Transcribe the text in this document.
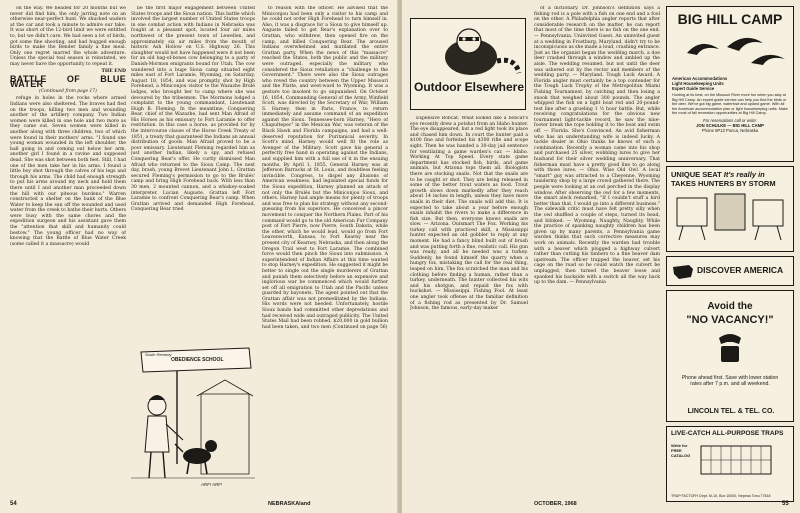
on the way. We headed for 20 months but we never did find him, the only jarring note on an otherwise near-perfect hunt. We shucked waders at the car and took a minute to admire our take. It was short of the 12-bird limit we were entitled to, but we didn't care. We had seen a lot of birds, got some fine shooting, and had hugged enough birds to make the Bender family a fine meal. Only one regret marred the whole adventure. Unless the special teal season is reinstated, we may never have the opportunity to repeat it.

THE END
BATTLE OF BLUE WATER
(Continued from page 17)

refuge in holes in the rocks where armed Indians were also sheltered. The braves had fled on the troops, killing two men and wounding another of the artillery company. Two Indian women were killed in one hole and two more as they came out. Seven women were killed in another along with three children, two of which were found in their mothers' arms. "I found one young woman wounded in the left shoulder, the ball going in and coming out below her arm, another girl I found in a ravine and supposed dead. She was shot between both feet. Still, I had one of the men take her in his arms. I found a little boy shot through the calves of his legs and through his arms. The child had enough strength to put his arms around my neck and hold them there until I and another man proceeded down the hill with our piteous burdens." Warren constructed a shelter on the bank of the Blue Water to keep the sun off the wounded and used water from the creek to bathe their hurts. Others were busy with the same chores and the expedition surgeon and his assistant gave them the "attention that skill and humanity could bestow." The young officer had no way of knowing that the Battle of Blue Water Creek (some called it a massacre) would

be the first major engagement between United States troops and the Sioux nation. This battle which involved the largest number of United States troops in one combat action with Indians in Nebraska was fought at a pleasant spot, located four air miles northwest of the present town of Lewellen, and approximately six air miles from the mouth of historic Ash Hollow on U.S. Highway 26. This slaughter would not have happened were it not been for an old bag-of-bones cow belonging to a party of Danish-Mormon emigrants bound for Utah. The cow wandered into a huge Sioux camp situated eight miles east of Fort Laramie, Wyoming, on Saturday, August 18, 1854, and was promptly shot by High Forehead, a Miniconjou visitor to the Wazazhe Brulé lodges, who brought her to camp where she was devoured by the tribesmen. The Mormons lodged a complaint to the young commandant, Lieutenant Hugh B. Fleming. In the meantime, Conquering Bear, chief of the Wazazhe, had sent Man Afraid of His Horses as his emissary to Fort Laramie to offer restitution. In this case a horse, as provided for by the intercourse clause of the Horse Creek Treaty of 1851, a treaty that guaranteed the Indians an annual distribution of goods. Man Afraid proved to be a poor emissary. Lieutenant Fleming regarded him as just another Indian, likely a spy, and refused Conquering Bear's offer. He curtly dismissed Man Afraid who returned to the Sioux Camp. The next day, brash, young Brevet Lieutenant John L. Grattan secured Fleming's permission to go to the Brulés' camp and bring High Forehead back. With less than 30 men, 2 mounted cannon, and a whiskey-soaked interpreter, Lucian Auguste, Grattan left Fort Laramie to confront Conquering Bear's camp. When Grattan arrived and demanded High Forehead, Conquering Bear tried

to reason with the officer. He advised that the Miniconjou had been only a visitor to his camp and he could not order High Forehead to turn himself in. Also, it was a disgrace for a Sioux to give himself up. Auguste failed to get Bear's explanation over to Grattan, who withdrew, then opened fire on the camp, and killed Conquering Bear. The aroused Indians overwhelmed and mutilated the entire Grattan party. When the news of this "massacre" reached the States, both the public and the military were outraged, especially the military who considered the Sioux retaliation a "challenge to the Government." There were also the Sioux outrages who roved the country between the Upper Missouri and the Platte, and west-ward to Wyoming. It was a gesture too insolent to go unpunished. On October 16, 1854, Commanding General of the Army, Winfield Scott, was directed by the Secretary of War, William S. Harney, then in Paris, France, to return immediately and assume command of an expedition against the Sioux. Tennessee-born Harney, "Hero of Chapultepec" in the Mexican War, was veteran of the Black Hawk and Florida campaigns, and had a well-deserved reputation for Puritanical severity. In Scott's mind, Harney would well fit the role as Avenger of the Military. Scott gave his general a perfectly free hand in operating against the Indians, and supplied him with a full use of it in the ensuing months. By April 1, 1855, General Harney was at Jefferson Barracks at St. Louis, and doubtless feeling invincible. Congress, to dispel any illusions of American weakness, had legislated special funds for the Sioux expedition, Harney planned an attack of not only the Brulés but the Miniconjou Sioux, and others. Harney had ample means for plenty of troops and was free to plan his strategy without any second-guessing from his superiors. He conceived a pincer movement to conquer the Northern Plains. Part of his command would go to the old American Fur Company post of Fort Pierre, now Pierre, South Dakota, while the other, which he would lead, would go from Fort Leavenworth, Kansas, to Fort Kearny near the present city of Kearney, Nebraska, and then along the Oregon Trail west to Fort Laramie. The combined force would then pinch the Sioux into submission. A superintendent of Indian Affairs at this time wanted to stop Harney's expedition. He suggested it might be better to single out the single murderers of Grattan and punish them selectively before an expensive and inglorious war be commenced which would further set off all emigration to Utah and the Pacific unless guarded by bayonets. The agent pointed out that the Grattan affair was not premeditated by the Indians. His words were not heeded. Unfortunately, hostile Sioux bands had committed other depredations and had received wide and outraged publicity. The United States Mail had been robbed, $20,000 in gold bullion had been taken, and two men (Continued on page 56)

South Remedy
OBEDIENCE SCHOOL
ARF! ARF!
54	NEBRASKAland
Outdoor Elsewhere

Expensive Bobcat. What looked like a bobcat's eye recently drew a potshot from an Idaho hunter. The eye disappeared, but a red light took its place and chased him down. In court the hunter paid a $100 fine and forfeited his $300 rifle and scope sight. Then he was handed a 30-day jail sentence for ventilating a game warden's car. — Idaho. Working At Top Speed. Every state game department has stocked fish, birds, and game animals, but Arizona tops them all. Biologists there are stocking snails. Not that the snails are to be caught or shot. They are being released in some of the better trout waters as food. Trout growth slows down markedly after they reach about 14 inches in length, unless they have more snails in their diet. The snails will add this. It is expected to take about a year before enough snails inhabit the rivers to make a difference in fish size. But then, everyone knows snails are slow. — Arizona. Outsmart The Fox. Working his turkey call with practiced skill, a Mississippi hunter expected an old gobbler to reply at any moment. He had a fancy blind built out of brush and was putting forth a fine, realistic call. His gun was ready, and all he needed was a turkey. Suddenly, he found himself the quarry when a hungry fox, mistaking the call for the real thing, leaped on him. The fox scratched the man and his clothing before finding a human, rather than a turkey, underneath. The hunter collected his wits and his shotgun, and repaid the fox with buckshot. — Mississippi. Fishing Fool. At least one angler took offense at the familiar definition of a fishing rod as presented by Dr. Samuel Johnson, the famous, early-day maker

of a dictionary. Dr. Johnson's definition says a fishing rod is a pole with a fish on one end and a fool on the other. A Philadelphia angler reports that after considerable research on the matter, he can report that most of the time there is no fish on the one end. — Pennsylvania. Uninvited Guest. An uninvited guest at a wedding in Frostburg, Maryland, didn't try to be inconspicuous as she made a loud, crashing entrance. Just as the organist began the wedding march, a doe deer crashed through a window and ambled up the aisle. The wedding resumed, but not until the deer was ushered out by the rector and members of the wedding party. — Maryland. Tough Luck Award. A Florida angler must certainly be a top contender for the Tough Luck Trophy of the Metropolitan Miami Fishing Tournament, by catching and then losing a snook that weighed about 300 pounds. The angler whipped the fish on a light boat rod and 20-pound-test line after a grueling 1 ½ hour battle. But, while receiving congratulations for the obvious new tournament light-tackle record, he saw the nine-footer break the rope holding it to the boat and swim off. — Florida. She's Convinced. An avid fisherman who has an understanding wife is indeed lucky. A tackle dealer in Ohio thinks he knows of such a combination. Recently a woman came into his shop and purchased 25 silver, wobbling lures to give her husband for their silver wedding anniversary. That fisherman must have a pretty good line to go along with those lures. — Ohio. Wise Old Owl. A local "smart" guy was attracted to a Cheyenne, Wyoming taxidermy shop by a large crowd gathered there. The people were looking at an owl perched in the display window. After observing the owl for a few moments, the smart aleck remarked, "If I couldn't stuff a bird better than that, I would go into a different business." The sidewalk critic must have felt pretty silly when the owl shuffled a couple of steps, turned its head, and blinked. — Wyoming. Naughty, Naughty. While the practice of spanking naughty children has been given up by many parents, a Pennsylvania game warden thinks that such corrective measures may work on animals. Recently the warden had trouble with a beaver which plugged a highway culvert rather than cutting his timbers to a fine beaver dam upstream. The officer trapped the beaver, set his cage on the road so he could watch the culvert be unplugged, then turned the beaver loose and spanked his backside with a switch all the way back up to the dam. — Pennsylvania

BIG HILL CAMP
American Accommodations
Light Housekeeping Units
Expert Guide Service
Hunting at its best, on the Missouri River more fun when you stay at Big Hill Camp. An expert guide service can help you find the birds or the deer. We've got big game, waterfowl and upland game. With all the American accommodation plan or light housekeeping units. Make the most of fall recreation opportunities at Big Hill Camp.
For reservations call or write:
JON SCHULKE — BIG HILL CAMP
Phone 5P13 Ponca, Nebraska
UNIQUE SEAT It's really in
TAKES HUNTERS BY STORM
DISCOVER AMERICA
Avoid the
"NO VACANCY!"
Phone ahead first. Save with lower station rates after 7 p.m. and all weekend.
LINCOLN TEL. & TEL. CO.
LIVE-CATCH ALL-PURPOSE TRAPS
Write for FREE CATALOG
TRAP FACTORY Dept. M-10, Box 10000, Nepeau Tonu 77818
OCTOBER, 1968	55
